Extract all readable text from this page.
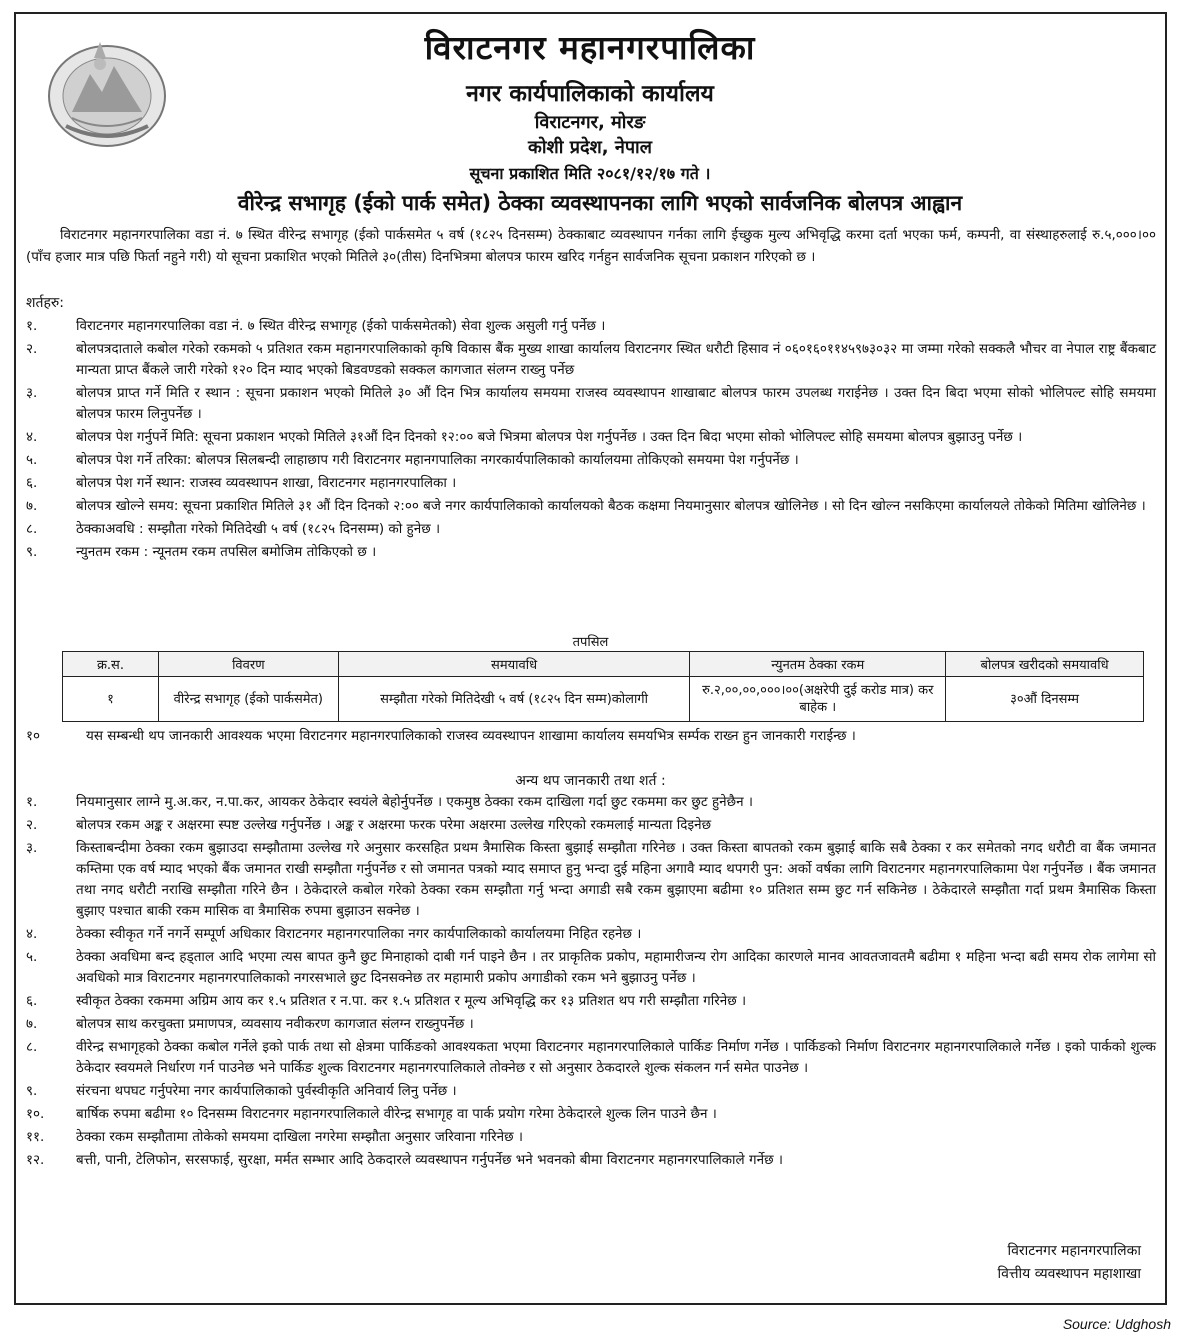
विराटनगर महानगरपालिका
नगर कार्यपालिकाको कार्यालय
विराटनगर, मोरङ
कोशी प्रदेश, नेपाल
सूचना प्रकाशित मिति २०८१/१२/१७ गते ।
वीरेन्द्र सभागृह (ईको पार्क समेत) ठेक्का व्यवस्थापनका लागि भएको सार्वजनिक बोलपत्र आह्वान
विराटनगर महानगरपालिका वडा नं. ७ स्थित वीरेन्द्र सभागृह (ईको पार्कसमेत ५ वर्ष (१८२५ दिनसम्म) ठेक्काबाट व्यवस्थापन गर्नका लागि ईच्छुक मुल्य अभिवृद्धि करमा दर्ता भएका फर्म, कम्पनी, वा संस्थाहरुलाई रु.५,०००।०० (पाँच हजार मात्र पछि फिर्ता नहुने गरी) यो सूचना प्रकाशित भएको मितिले ३०(तीस) दिनभित्रमा बोलपत्र फारम खरिद गर्नहुन सार्वजनिक सूचना प्रकाशन गरिएको छ ।
शर्तहरु:
१.	विराटनगर महानगरपालिका वडा नं. ७ स्थित वीरेन्द्र सभागृह (ईको पार्कसमेतको) सेवा शुल्क असुली गर्नु पर्नेछ ।
२.	बोलपत्रदाताले कबोल गरेको रकमको ५ प्रतिशत रकम महानगरपालिकाको कृषि विकास बैंक मुख्य शाखा कार्यालय विराटनगर स्थित धरौटी हिसाव नं ०६०१६०११४५९७३०३२ मा जम्मा गरेको सक्कलै भौचर वा नेपाल राष्ट्र बैंकबाट मान्यता प्राप्त बैंकले जारी गरेको १२० दिन म्याद भएको बिडवण्डको सक्कल कागजात संलग्न राख्नु पर्नेछ
३.	बोलपत्र प्राप्त गर्ने मिति र स्थान : सूचना प्रकाशन भएको मितिले ३० औं दिन भित्र कार्यालय समयमा राजस्व व्यवस्थापन शाखाबाट बोलपत्र फारम उपलब्ध गराईनेछ । उक्त दिन बिदा भएमा सोको भोलिपल्ट सोहि समयमा बोलपत्र फारम लिनुपर्नेछ ।
४.	बोलपत्र पेश गर्नुपर्ने मिति: सूचना प्रकाशन भएको मितिले ३१औं दिन दिनको १२:०० बजे भित्रमा बोलपत्र पेश गर्नुपर्नेछ । उक्त दिन बिदा भएमा सोको भोलिपल्ट सोहि समयमा बोलपत्र बुझाउनु पर्नेछ ।
५.	बोलपत्र पेश गर्ने तरिका: बोलपत्र सिलबन्दी लाहाछाप गरी विराटनगर महानगपालिका नगरकार्यपालिकाको कार्यालयमा तोकिएको समयमा पेश गर्नुपर्नेछ ।
६.	बोलपत्र पेश गर्ने स्थान: राजस्व व्यवस्थापन शाखा, विराटनगर महानगरपालिका ।
७.	बोलपत्र खोल्ने समय: सूचना प्रकाशित मितिले ३१ औं दिन दिनको २:०० बजे नगर कार्यपालिकाको कार्यालयको बैठक कक्षमा नियमानुसार बोलपत्र खोलिनेछ । सो दिन खोल्न नसकिएमा कार्यालयले तोकेको मितिमा खोलिनेछ ।
८.	ठेक्काअवधि : सम्झौता गरेको मितिदेखी ५ वर्ष (१८२५ दिनसम्म) को हुनेछ ।
९.	न्युनतम रकम : न्यूनतम रकम तपसिल बमोजिम तोकिएको छ ।
तपसिल
क्र.स.	विवरण	समयावधि	न्युनतम ठेक्का रकम	बोलपत्र खरीदको समयावधि
१	वीरेन्द्र सभागृह (ईको पार्कसमेत)	सम्झौता गरेको मितिदेखी ५ वर्ष (१८२५ दिन सम्म)कोलागी	रु.२,००,००,०००।००(अक्षरेपी दुई करोड मात्र) कर बाहेक ।	३०औं दिनसम्म
१०	यस सम्बन्धी थप जानकारी आवश्यक भएमा विराटनगर महानगरपालिकाको राजस्व व्यवस्थापन शाखामा कार्यालय समयभित्र सर्म्पक राख्न हुन जानकारी गराईन्छ ।
अन्य थप जानकारी तथा शर्त :
१.	नियमानुसार लाग्ने मु.अ.कर, न.पा.कर, आयकर ठेकेदार स्वयंले बेहोर्नुपर्नेछ । एकमुष्ठ ठेक्का रकम दाखिला गर्दा छुट रकममा कर छुट हुनेछैन ।
२.	बोलपत्र रकम अङ्क र अक्षरमा स्पष्ट उल्लेख गर्नुपर्नेछ । अङ्क र अक्षरमा फरक परेमा अक्षरमा उल्लेख गरिएको रकमलाई मान्यता दिइनेछ
३.	किस्ताबन्दीमा ठेक्का रकम बुझाउदा सम्झौतामा उल्लेख गरे अनुसार करसहित प्रथम त्रैमासिक किस्ता बुझाई सम्झौता गरिनेछ । उक्त किस्ता बापतको रकम बुझाई बाकि सबै ठेक्का र कर समेतको नगद धरौटी वा बैंक जमानत कम्तिमा एक वर्ष म्याद भएको बैंक जमानत राखी सम्झौता गर्नुपर्नेछ र सो जमानत पत्रको म्याद समाप्त हुनु भन्दा दुई महिना अगावै म्याद थपगरी पुन: अर्को वर्षका लागि विराटनगर महानगरपालिकामा पेश गर्नुपर्नेछ । बैंक जमानत तथा नगद धरौटी नराखि सम्झौता गरिने छैन । ठेकेदारले कबोल गरेको ठेक्का रकम सम्झौता गर्नु भन्दा अगाडी सबै रकम बुझाएमा बढीमा १० प्रतिशत सम्म छुट गर्न सकिनेछ । ठेकेदारले सम्झौता गर्दा प्रथम त्रैमासिक किस्ता बुझाए पश्चात बाकी रकम मासिक वा त्रैमासिक रुपमा बुझाउन सक्नेछ ।
४.	ठेक्का स्वीकृत गर्ने नगर्ने सम्पूर्ण अधिकार विराटनगर महानगरपालिका नगर कार्यपालिकाको कार्यालयमा निहित रहनेछ ।
५.	ठेक्का अवधिमा बन्द हड्ताल आदि भएमा त्यस बापत कुनै छुट मिनाहाको दाबी गर्न पाइने छैन । तर प्राकृतिक प्रकोप, महामारीजन्य रोग आदिका कारणले मानव आवतजावतमै बढीमा १ महिना भन्दा बढी समय रोक लागेमा सो अवधिको मात्र विराटनगर महानगरपालिकाको नगरसभाले छुट दिनसक्नेछ तर महामारी प्रकोप अगाडीको रकम भने बुझाउनु पर्नेछ ।
६.	स्वीकृत ठेक्का रकममा अग्रिम आय कर १.५ प्रतिशत र न.पा. कर १.५ प्रतिशत र मूल्य अभिवृद्धि कर १३ प्रतिशत थप गरी सम्झौता गरिनेछ ।
७.	बोलपत्र साथ करचुक्ता प्रमाणपत्र, व्यवसाय नवीकरण कागजात संलग्न राख्नुपर्नेछ ।
८.	वीरेन्द्र सभागृहको ठेक्का कबोल गर्नेले इको पार्क तथा सो क्षेत्रमा पार्किङको आवश्यकता भएमा विराटनगर महानगरपालिकाले पार्किङ निर्माण गर्नेछ । पार्किङको निर्माण विराटनगर महानगरपालिकाले गर्नेछ । इको पार्कको शुल्क ठेकेदार स्वयमले निर्धारण गर्न पाउनेछ भने पार्किङ शुल्क विराटनगर महानगरपालिकाले तोक्नेछ र सो अनुसार ठेकदारले शुल्क संकलन गर्न समेत पाउनेछ ।
९.	संरचना थपघट गर्नुपरेमा नगर कार्यपालिकाको पुर्वस्वीकृति अनिवार्य लिनु पर्नेछ ।
१०.	बार्षिक रुपमा बढीमा १० दिनसम्म विराटनगर महानगरपालिकाले वीरेन्द्र सभागृह वा पार्क प्रयोग गरेमा ठेकेदारले शुल्क लिन पाउने छैन ।
११.	ठेक्का रकम सम्झौतामा तोकेको समयमा दाखिला नगरेमा सम्झौता अनुसार जरिवाना गरिनेछ ।
१२.	बत्ती, पानी, टेलिफोन, सरसफाई, सुरक्षा, मर्मत सम्भार आदि ठेकदारले व्यवस्थापन गर्नुपर्नेछ भने भवनको बीमा विराटनगर महानगरपालिकाले गर्नेछ ।
विराटनगर महानगरपालिका
वित्तीय व्यवस्थापन महाशाखा
Source: Udghosh
